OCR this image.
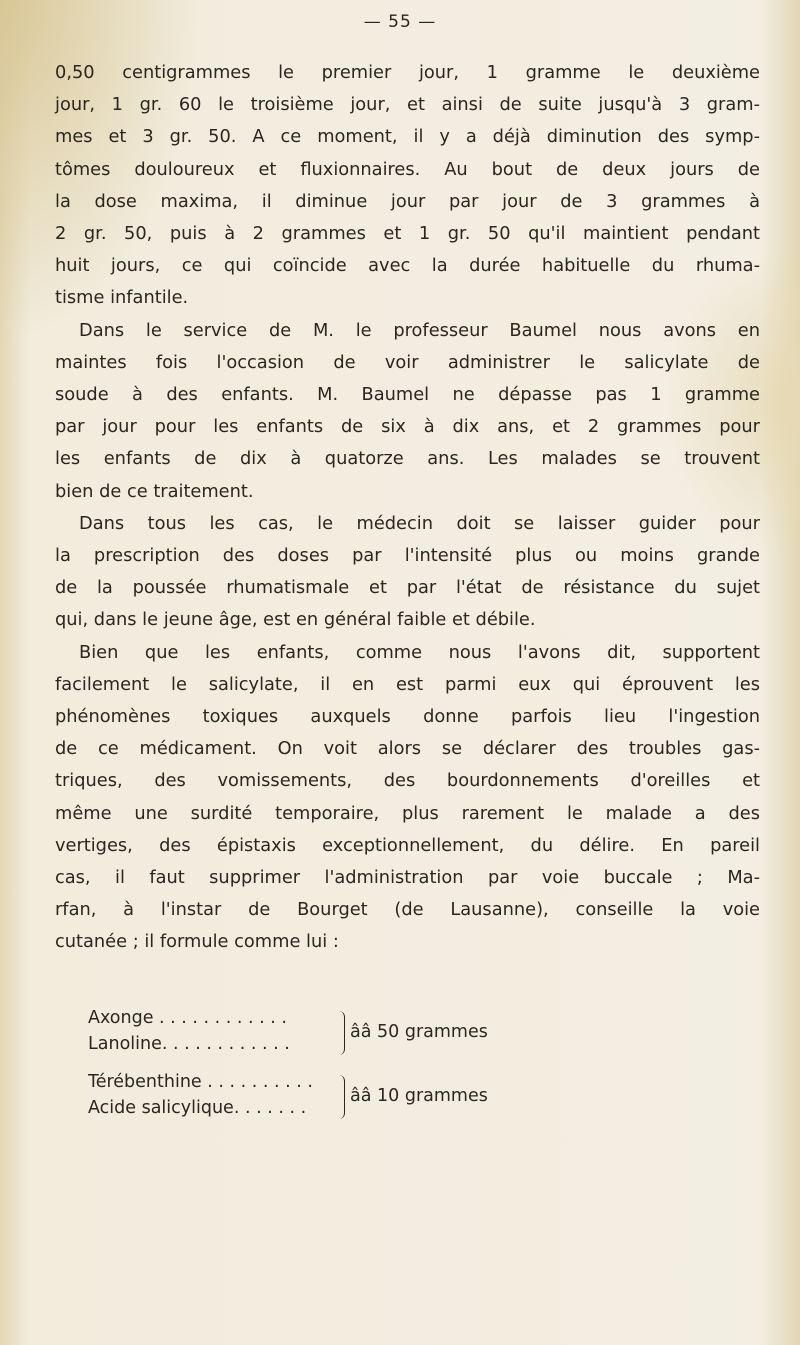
— 55 —

0,50 centigrammes le premier jour, 1 gramme le deuxième
jour, 1 gr. 60 le troisième jour, et ainsi de suite jusqu'à 3 gram-
mes et 3 gr. 50. A ce moment, il y a déjà diminution des symp-
tômes douloureux et fluxionnaires. Au bout de deux jours de
la dose maxima, il diminue jour par jour de 3 grammes à
2 gr. 50, puis à 2 grammes et 1 gr. 50 qu'il maintient pendant
huit jours, ce qui coïncide avec la durée habituelle du rhuma-
tisme infantile.

Dans le service de M. le professeur Baumel nous avons en
maintes fois l'occasion de voir administrer le salicylate de
soude à des enfants. M. Baumel ne dépasse pas 1 gramme
par jour pour les enfants de six à dix ans, et 2 grammes pour
les enfants de dix à quatorze ans. Les malades se trouvent
bien de ce traitement.

Dans tous les cas, le médecin doit se laisser guider pour
la prescription des doses par l'intensité plus ou moins grande
de la poussée rhumatismale et par l'état de résistance du sujet
qui, dans le jeune âge, est en général faible et débile.

Bien que les enfants, comme nous l'avons dit, supportent
facilement le salicylate, il en est parmi eux qui éprouvent les
phénomènes toxiques auxquels donne parfois lieu l'ingestion
de ce médicament. On voit alors se déclarer des troubles gas-
triques, des vomissements, des bourdonnements d'oreilles et
même une surdité temporaire, plus rarement le malade a des
vertiges, des épistaxis exceptionnellement, du délire. En pareil
cas, il faut supprimer l'administration par voie buccale ; Ma-
rfan, à l'instar de Bourget (de Lausanne), conseille la voie
cutanée ; il formule comme lui :

Axonge . . . . . . . . . . . .
Lanoline. . . . . . . . . . . .
ââ 50 grammes
Térébenthine . . . . . . . . . .
Acide salicylique. . . . . . .
ââ 10 grammes
